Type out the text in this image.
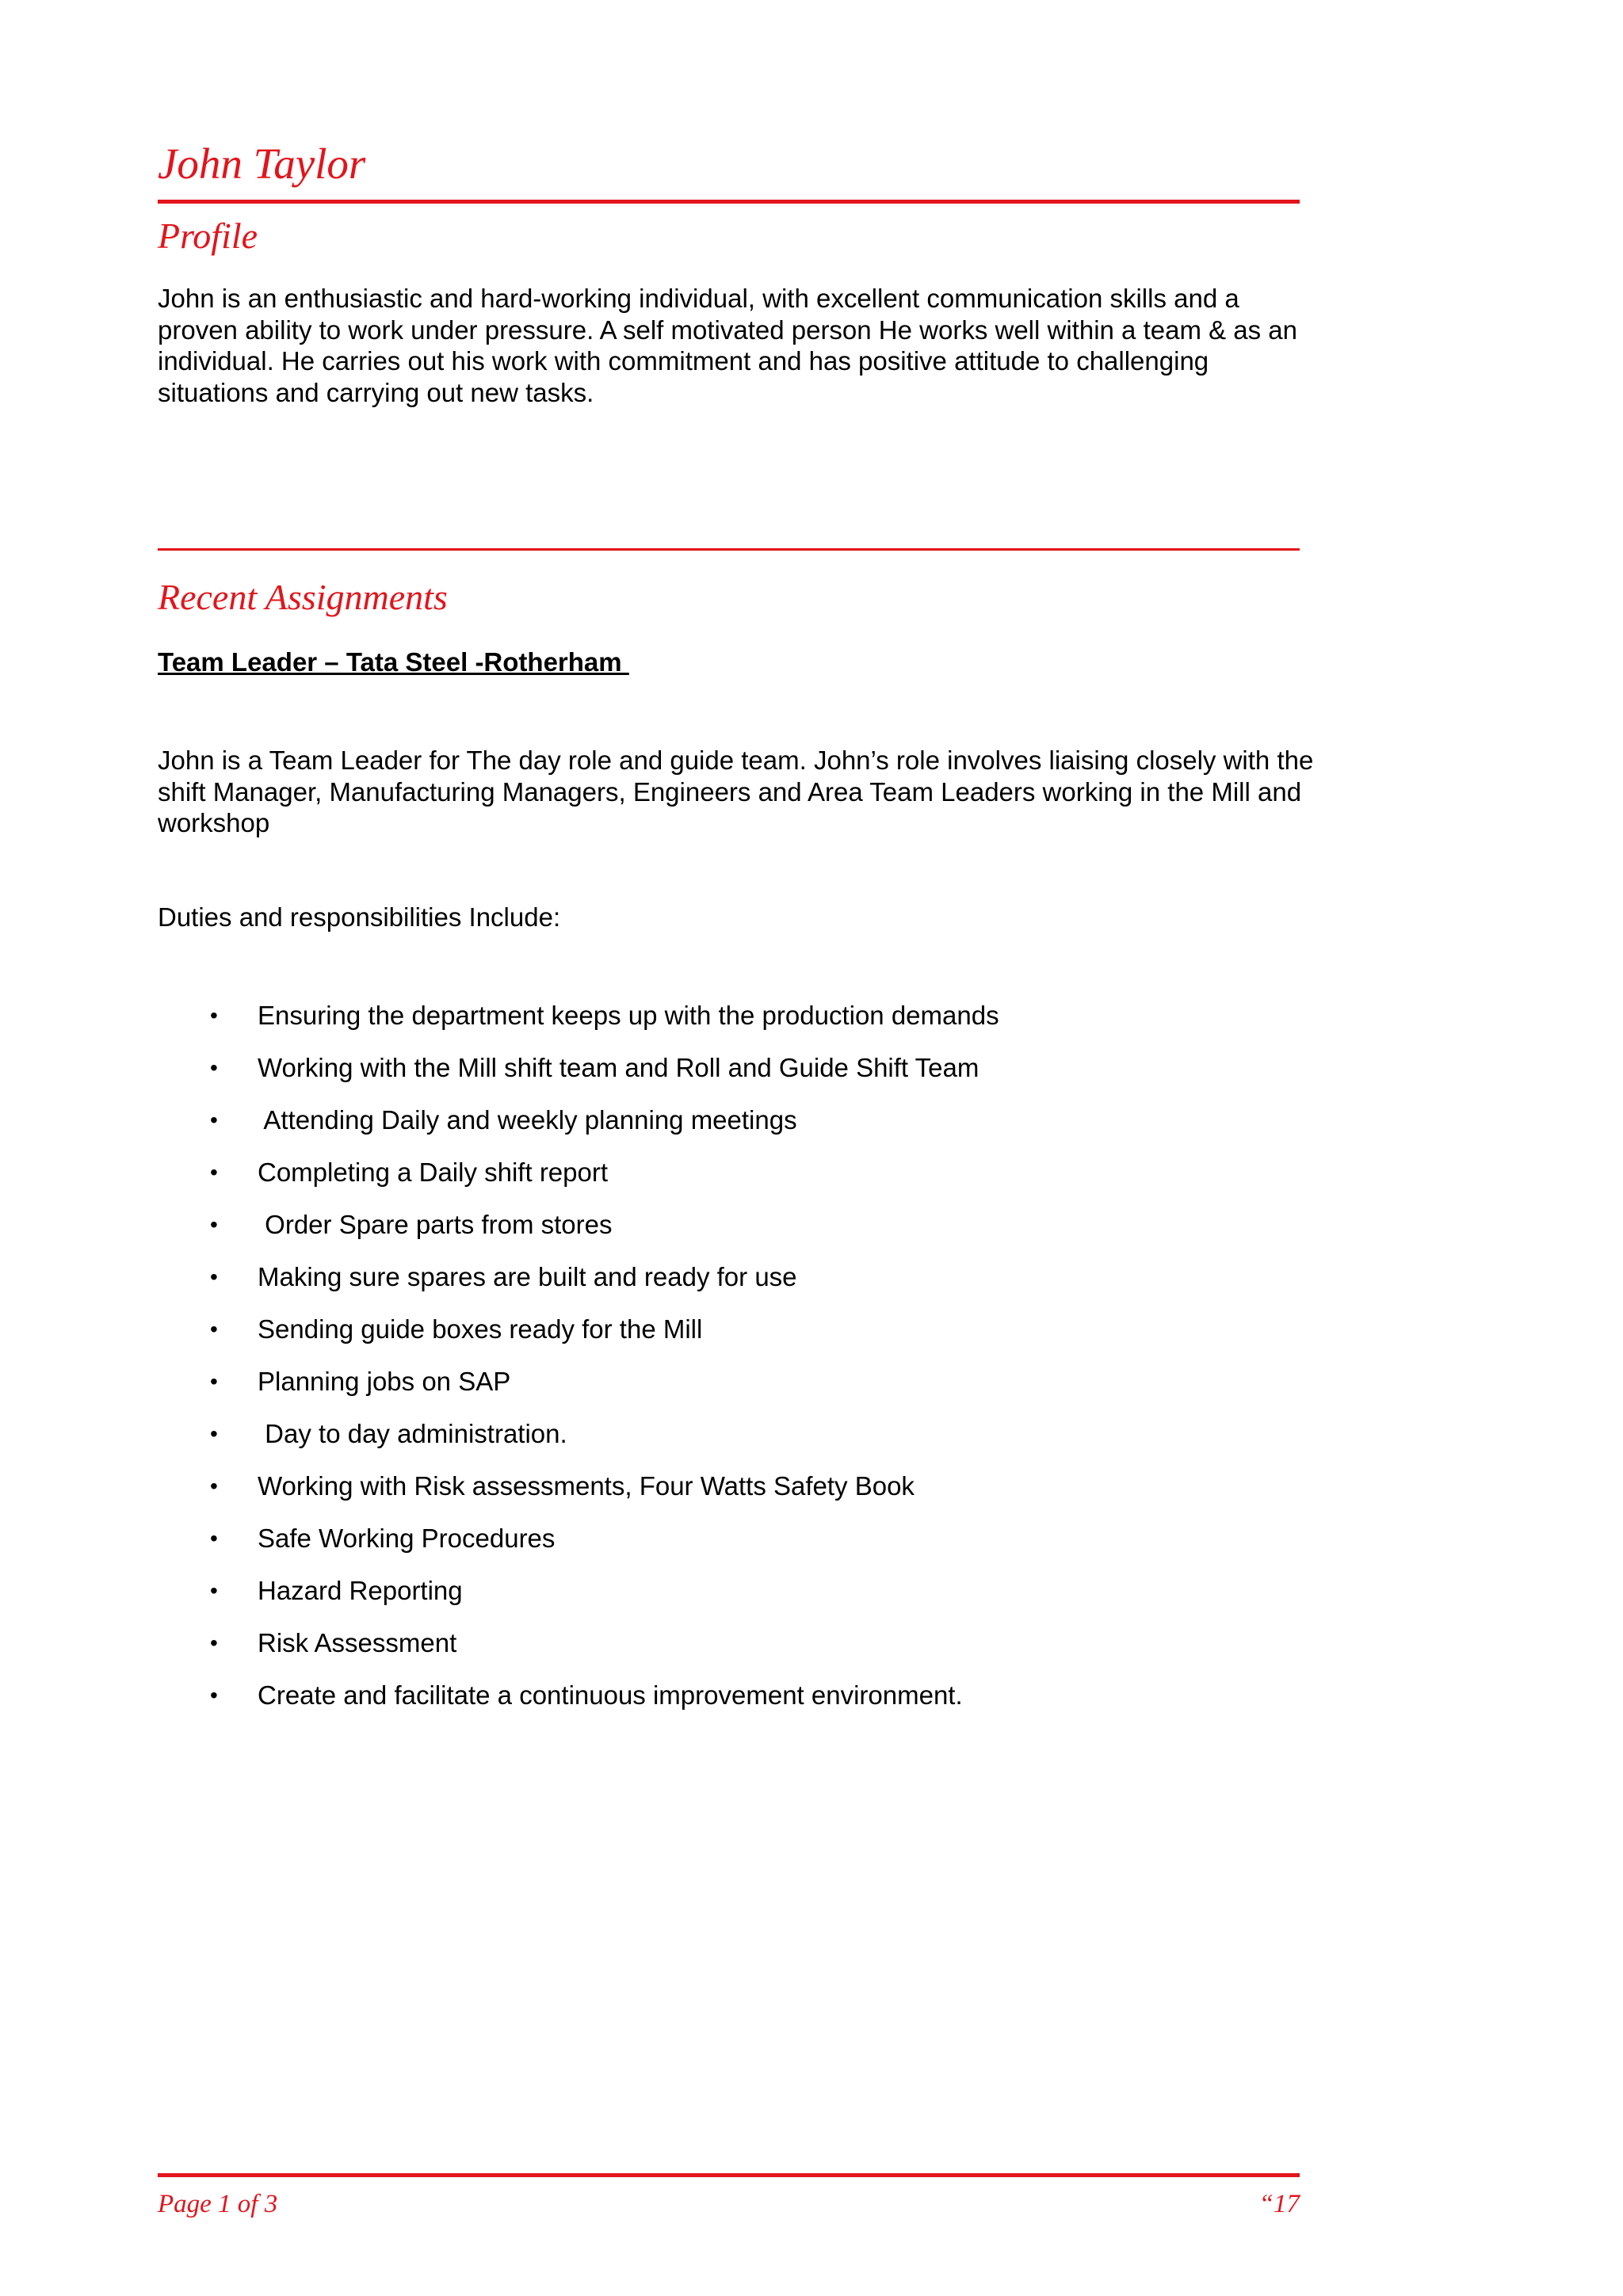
John Taylor
Profile

John is an enthusiastic and hard-working individual, with excellent communication skills and a proven ability to work under pressure. A self motivated person He works well within a team & as an individual. He carries out his work with commitment and has positive attitude to challenging situations and carrying out new tasks.

Recent Assignments

Team Leader – Tata Steel -Rotherham

John is a Team Leader for The day role and guide team. John’s role involves liaising closely with the shift Manager, Manufacturing Managers, Engineers and Area Team Leaders working in the Mill and workshop

Duties and responsibilities Include:

• Ensuring the department keeps up with the production demands
• Working with the Mill shift team and Roll and Guide Shift Team
• Attending Daily and weekly planning meetings
• Completing a Daily shift report
• Order Spare parts from stores
• Making sure spares are built and ready for use
• Sending guide boxes ready for the Mill
• Planning jobs on SAP
• Day to day administration.
• Working with Risk assessments, Four Watts Safety Book
• Safe Working Procedures
• Hazard Reporting
• Risk Assessment
• Create and facilitate a continuous improvement environment.

Page 1 of 3	“17
